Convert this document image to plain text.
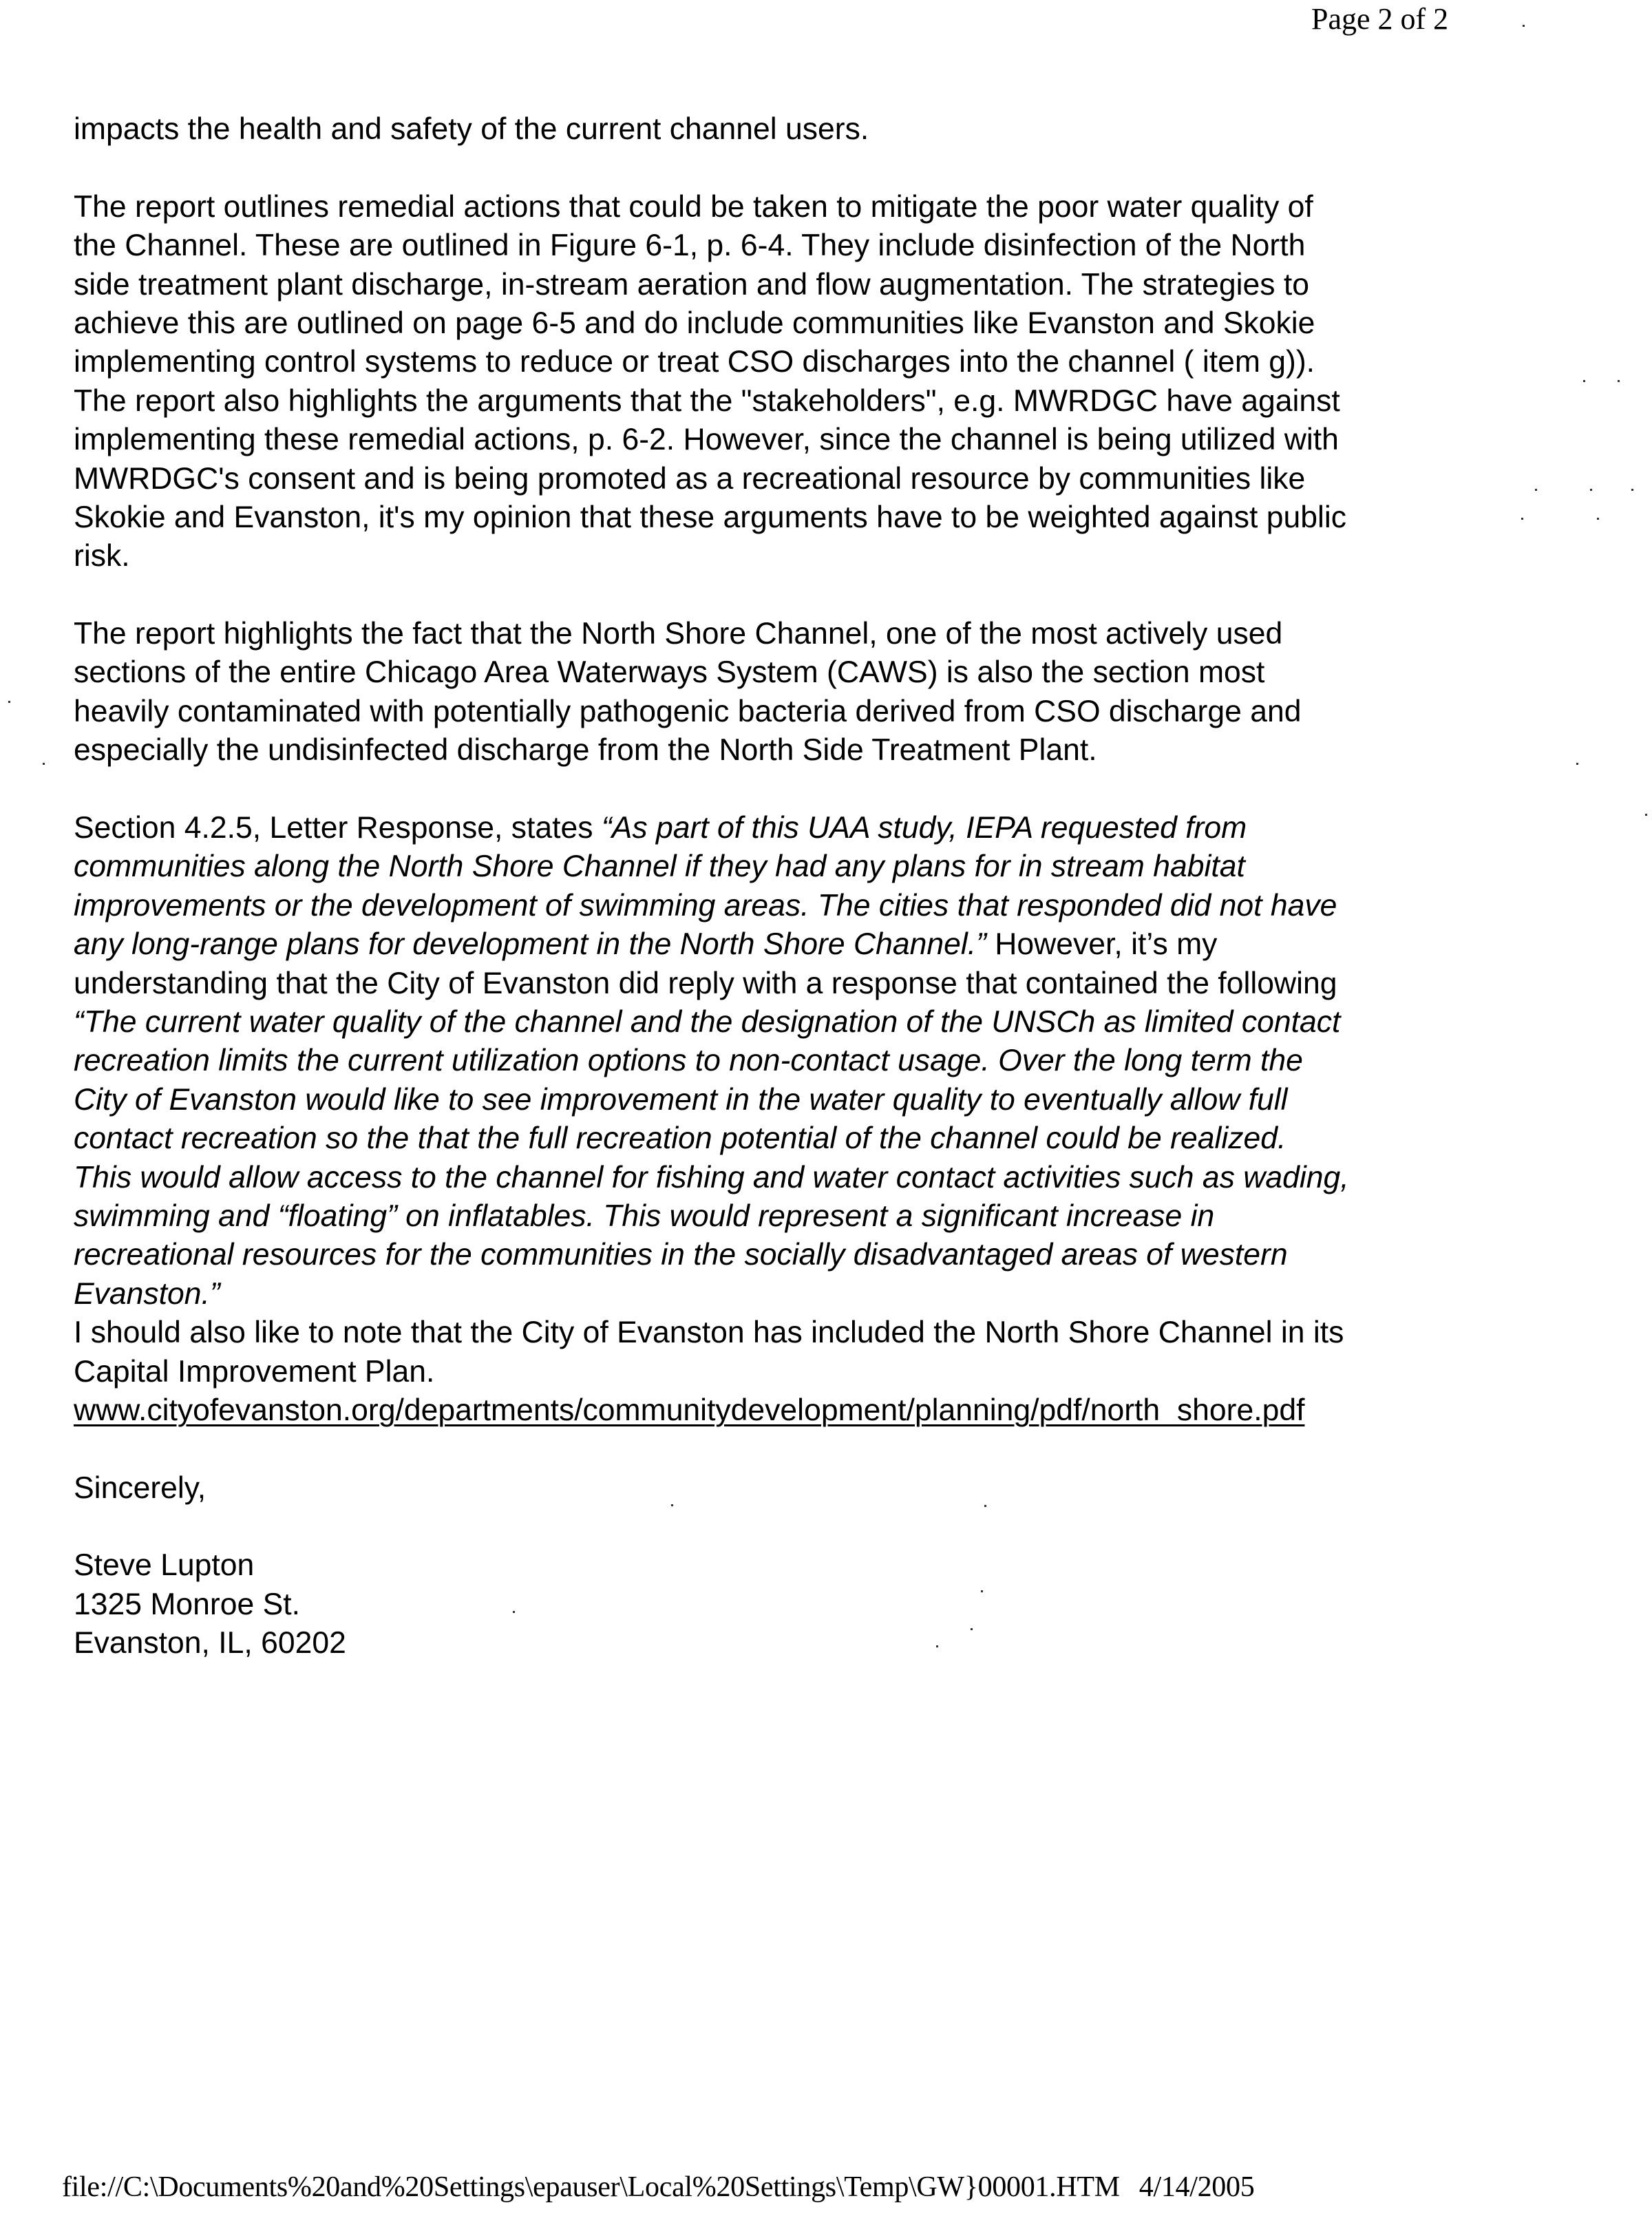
Page 2 of 2
impacts the health and safety of the current channel users.
The report outlines remedial actions that could be taken to mitigate the poor water quality of
the Channel. These are outlined in Figure 6-1, p. 6-4. They include disinfection of the North
side treatment plant discharge, in-stream aeration and flow augmentation. The strategies to
achieve this are outlined on page 6-5 and do include communities like Evanston and Skokie
implementing control systems to reduce or treat CSO discharges into the channel ( item g)).
The report also highlights the arguments that the "stakeholders", e.g. MWRDGC have against
implementing these remedial actions, p. 6-2. However, since the channel is being utilized with
MWRDGC's consent and is being promoted as a recreational resource by communities like
Skokie and Evanston, it's my opinion that these arguments have to be weighted against public
risk.
The report highlights the fact that the North Shore Channel, one of the most actively used
sections of the entire Chicago Area Waterways System (CAWS) is also the section most
heavily contaminated with potentially pathogenic bacteria derived from CSO discharge and
especially the undisinfected discharge from the North Side Treatment Plant.
Section 4.2.5, Letter Response, states “As part of this UAA study, IEPA requested from
communities along the North Shore Channel if they had any plans for in stream habitat
improvements or the development of swimming areas. The cities that responded did not have
any long-range plans for development in the North Shore Channel.” However, it’s my
understanding that the City of Evanston did reply with a response that contained the following
“The current water quality of the channel and the designation of the UNSCh as limited contact
recreation limits the current utilization options to non-contact usage. Over the long term the
City of Evanston would like to see improvement in the water quality to eventually allow full
contact recreation so the that the full recreation potential of the channel could be realized.
This would allow access to the channel for fishing and water contact activities such as wading,
swimming and “floating” on inflatables. This would represent a significant increase in
recreational resources for the communities in the socially disadvantaged areas of western
Evanston.”
I should also like to note that the City of Evanston has included the North Shore Channel in its
Capital Improvement Plan.
www.cityofevanston.org/departments/communitydevelopment/planning/pdf/north_shore.pdf
Sincerely,
Steve Lupton
1325 Monroe St.
Evanston, IL, 60202
file://C:\Documents%20and%20Settings\epauser\Local%20Settings\Temp\GW}00001.HTM 4/14/2005
